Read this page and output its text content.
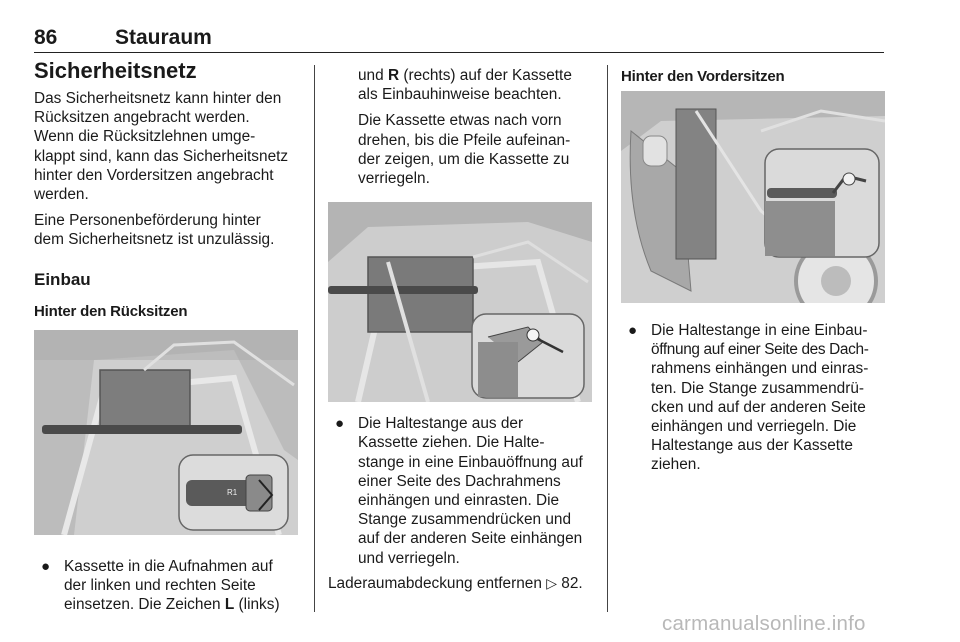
86	Stauraum
Sicherheitsnetz
Das Sicherheitsnetz kann hinter den
Rücksitzen angebracht werden.
Wenn die Rücksitzlehnen umge-
klappt sind, kann das Sicherheitsnetz
hinter den Vordersitzen angebracht
werden.
Eine Personenbeförderung hinter
dem Sicherheitsnetz ist unzulässig.
Einbau
Hinter den Rücksitzen
R1
● Kassette in die Aufnahmen auf
der linken und rechten Seite
einsetzen. Die Zeichen L (links)
und R (rechts) auf der Kassette
als Einbauhinweise beachten.
Die Kassette etwas nach vorn
drehen, bis die Pfeile aufeinan-
der zeigen, um die Kassette zu
verriegeln.
● Die Haltestange aus der
Kassette ziehen. Die Halte-
stange in eine Einbauöffnung auf
einer Seite des Dachrahmens
einhängen und einrasten. Die
Stange zusammendrücken und
auf der anderen Seite einhängen
und verriegeln.
Laderaumabdeckung entfernen ▷ 82.
Hinter den Vordersitzen
● Die Haltestange in eine Einbau-
öffnung auf einer Seite des Dach-
rahmens einhängen und einras-
ten. Die Stange zusammendrü-
cken und auf der anderen Seite
einhängen und verriegeln. Die
Haltestange aus der Kassette
ziehen.
carmanualsonline.info
